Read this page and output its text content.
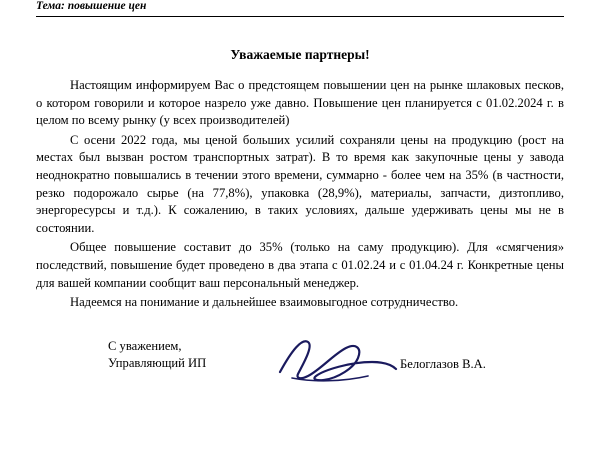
Тема: повышение цен
Уважаемые партнеры!

Настоящим информируем Вас о предстоящем повышении цен на рынке шлаковых песков, о котором говорили и которое назрело уже давно. Повышение цен планируется с 01.02.2024 г. в целом по всему рынку (у всех производителей)

С осени 2022 года, мы ценой больших усилий сохраняли цены на продукцию (рост на местах был вызван ростом транспортных затрат). В то время как закупочные цены у завода неоднократно повышались в течении этого времени, суммарно - более чем на 35% (в частности, резко подорожало сырье (на 77,8%), упаковка (28,9%), материалы, запчасти, дизтопливо, энергоресурсы и т.д.). К сожалению, в таких условиях, дальше удерживать цены мы не в состоянии.

Общее повышение составит до 35% (только на саму продукцию). Для «смягчения» последствий, повышение будет проведено в два этапа с 01.02.24 и с 01.04.24 г. Конкретные цены для вашей компании сообщит ваш персональный менеджер.

Надеемся на понимание и дальнейшее взаимовыгодное сотрудничество.

С уважением,
Управляющий ИП	Белоглазов В.А.
